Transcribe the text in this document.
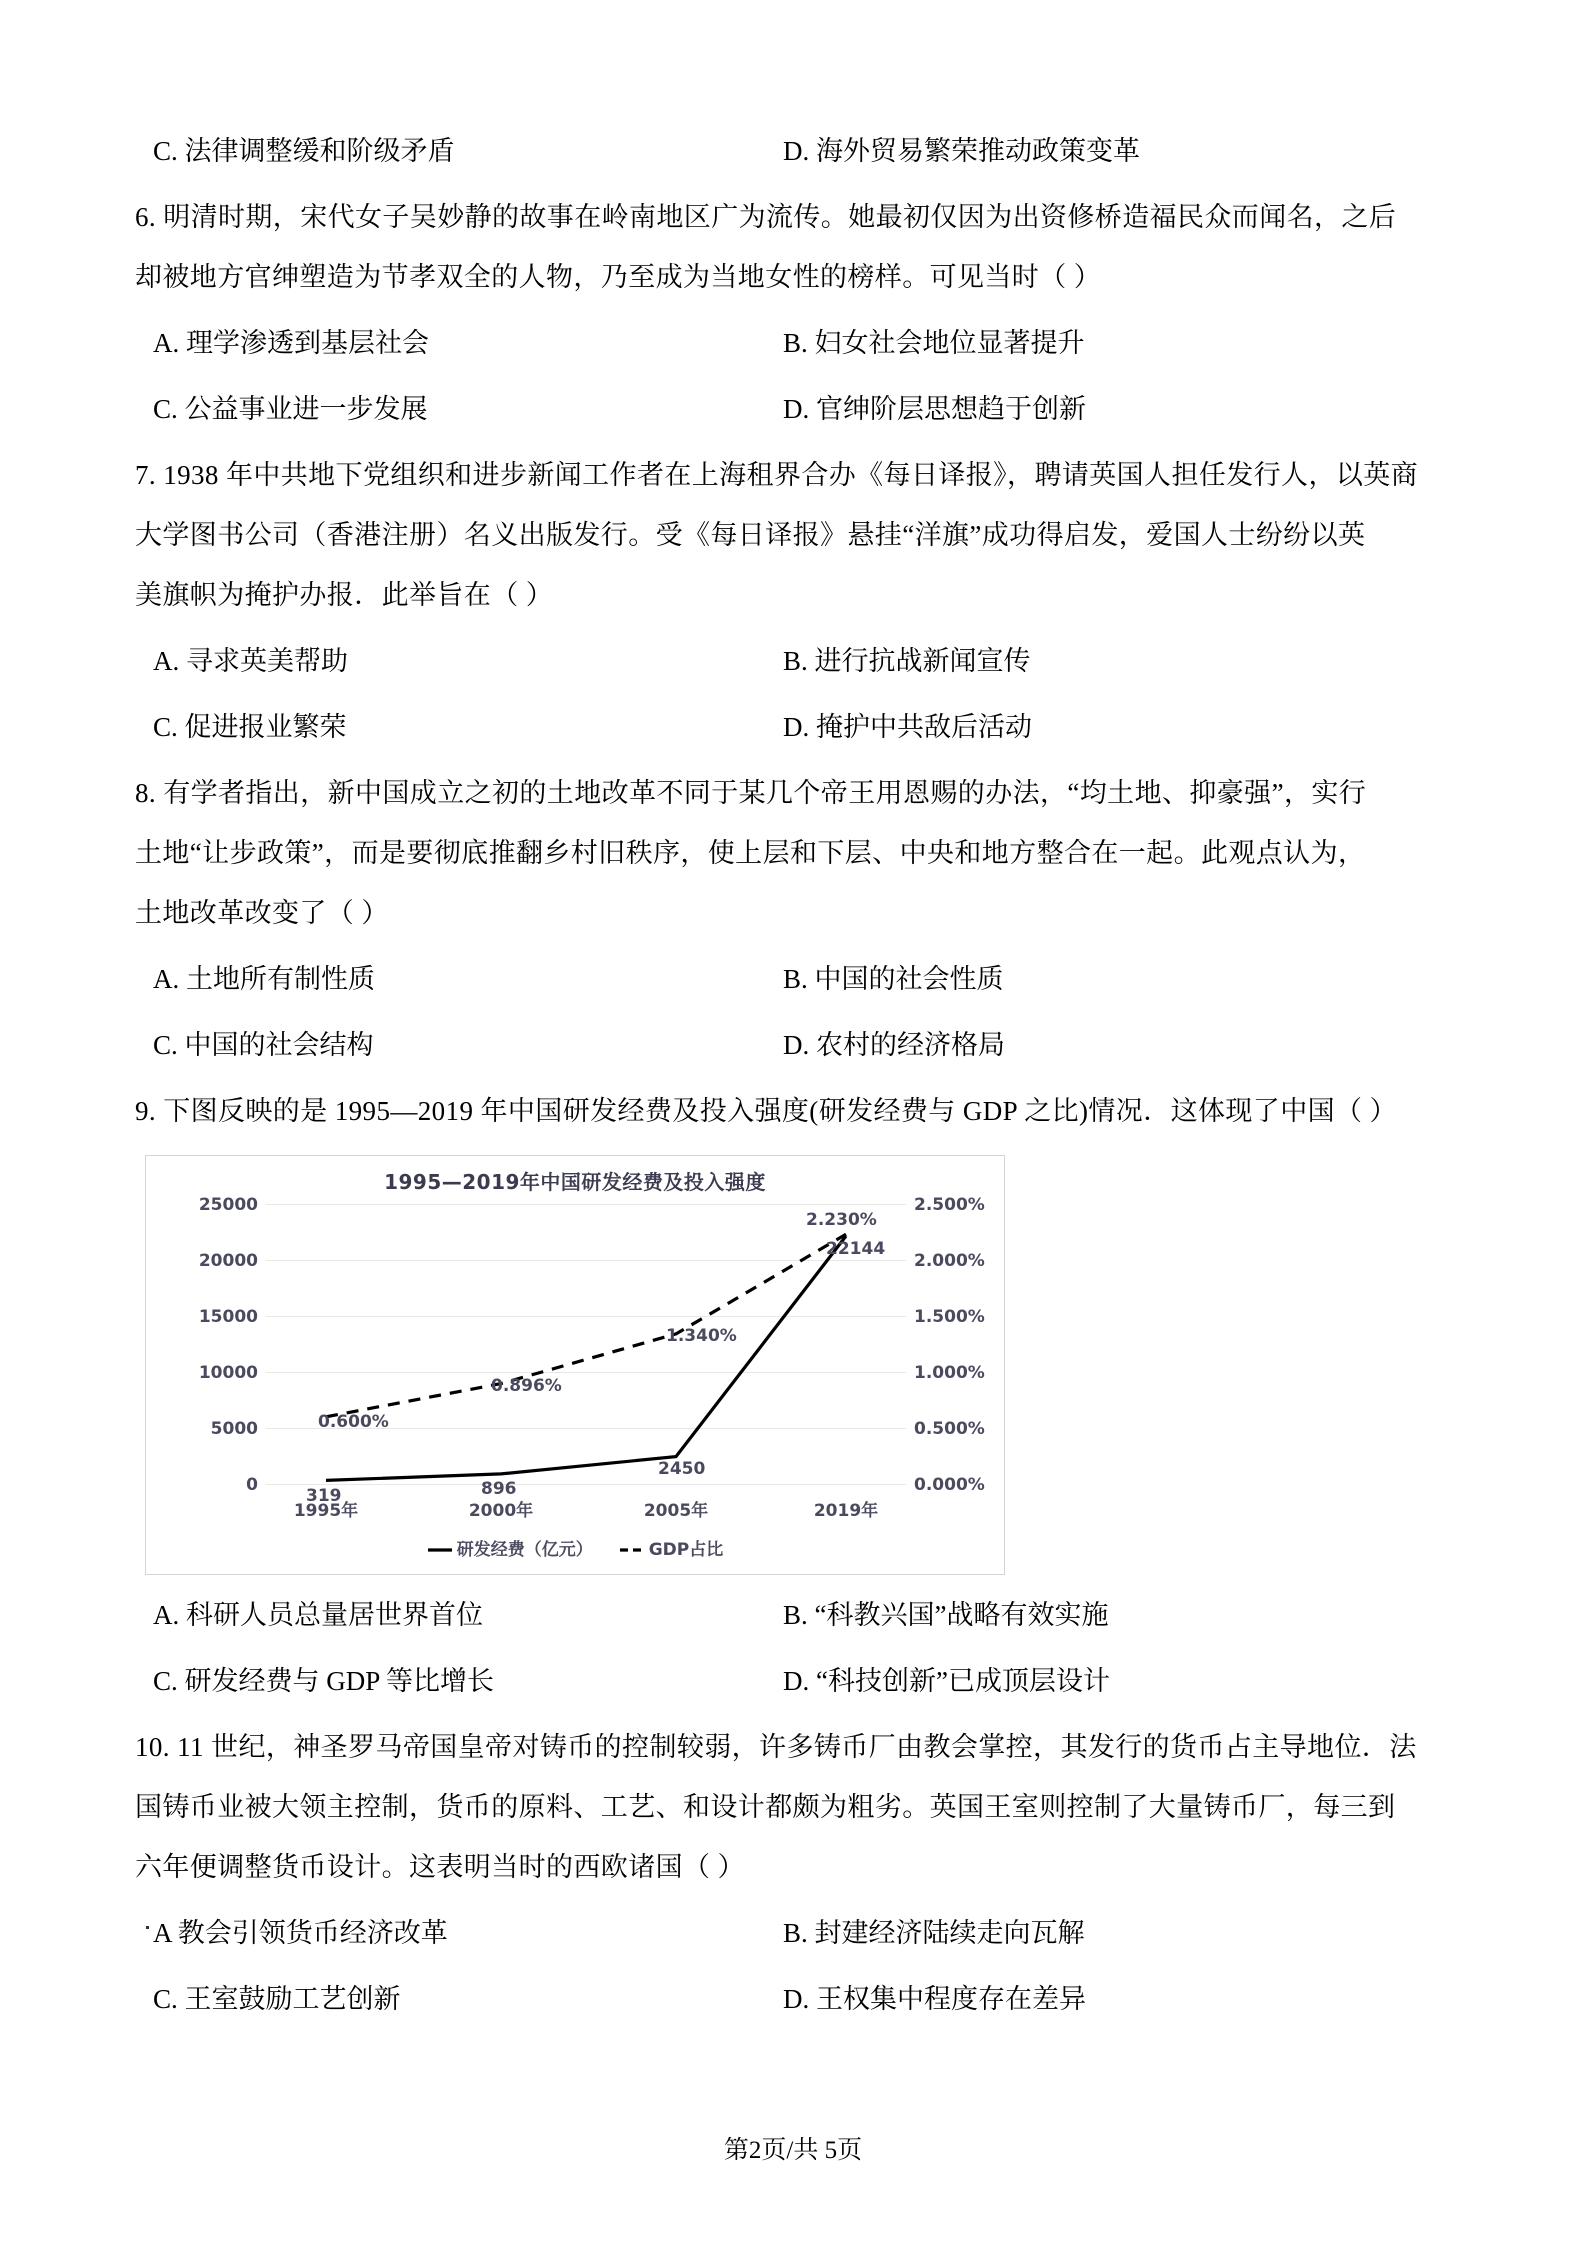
C. 法律调整缓和阶级矛盾	D. 海外贸易繁荣推动政策变革
6. 明清时期，宋代女子吴妙静的故事在岭南地区广为流传。她最初仅因为出资修桥造福民众而闻名，之后
却被地方官绅塑造为节孝双全的人物，乃至成为当地女性的榜样。可见当时（ ）
A. 理学渗透到基层社会	B. 妇女社会地位显著提升
C. 公益事业进一步发展	D. 官绅阶层思想趋于创新
7. 1938 年中共地下党组织和进步新闻工作者在上海租界合办《每日译报》，聘请英国人担任发行人，以英商
大学图书公司（香港注册）名义出版发行。受《每日译报》悬挂“洋旗”成功得启发，爱国人士纷纷以英
美旗帜为掩护办报．此举旨在（ ）
A. 寻求英美帮助	B. 进行抗战新闻宣传
C. 促进报业繁荣	D. 掩护中共敌后活动
8. 有学者指出，新中国成立之初的土地改革不同于某几个帝王用恩赐的办法，“均土地、抑豪强”，实行
土地“让步政策”，而是要彻底推翻乡村旧秩序，使上层和下层、中央和地方整合在一起。此观点认为，
土地改革改变了（ ）
A. 土地所有制性质	B. 中国的社会性质
C. 中国的社会结构	D. 农村的经济格局
9. 下图反映的是 1995—2019 年中国研发经费及投入强度(研发经费与 GDP 之比)情况．这体现了中国（ ）
1995—2019年中国研发经费及投入强度
25000
20000
15000
10000
5000
0
2.500%
2.000%
1.500%
1.000%
0.500%
0.000%
319	896
2450
22144
0.600%
0.896%
1.340%
2.230%
1995年	2000年	2005年	2019年
研发经费（亿元）	GDP占比
A. 科研人员总量居世界首位	B. “科教兴国”战略有效实施
C. 研发经费与 GDP 等比增长	D. “科技创新”已成顶层设计
10. 11 世纪，神圣罗马帝国皇帝对铸币的控制较弱，许多铸币厂由教会掌控，其发行的货币占主导地位．法
国铸币业被大领主控制，货币的原料、工艺、和设计都颇为粗劣。英国王室则控制了大量铸币厂，每三到
六年便调整货币设计。这表明当时的西欧诸国（ ）
A 教会引领货币经济改革	B. 封建经济陆续走向瓦解
C. 王室鼓励工艺创新	D. 王权集中程度存在差异
第2页/共 5页
